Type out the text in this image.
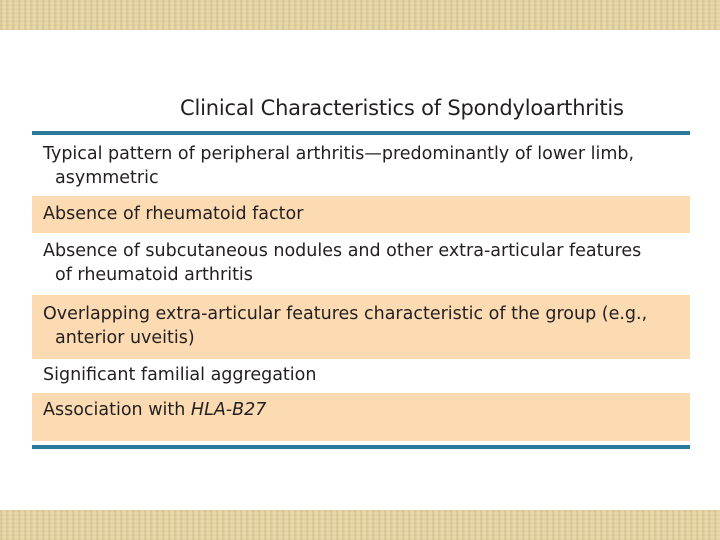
Clinical Characteristics of Spondyloarthritis
Typical pattern of peripheral arthritis—predominantly of lower limb,
asymmetric
Absence of rheumatoid factor
Absence of subcutaneous nodules and other extra-articular features
of rheumatoid arthritis
Overlapping extra-articular features characteristic of the group (e.g.,
anterior uveitis)
Significant familial aggregation
Association with HLA-B27
